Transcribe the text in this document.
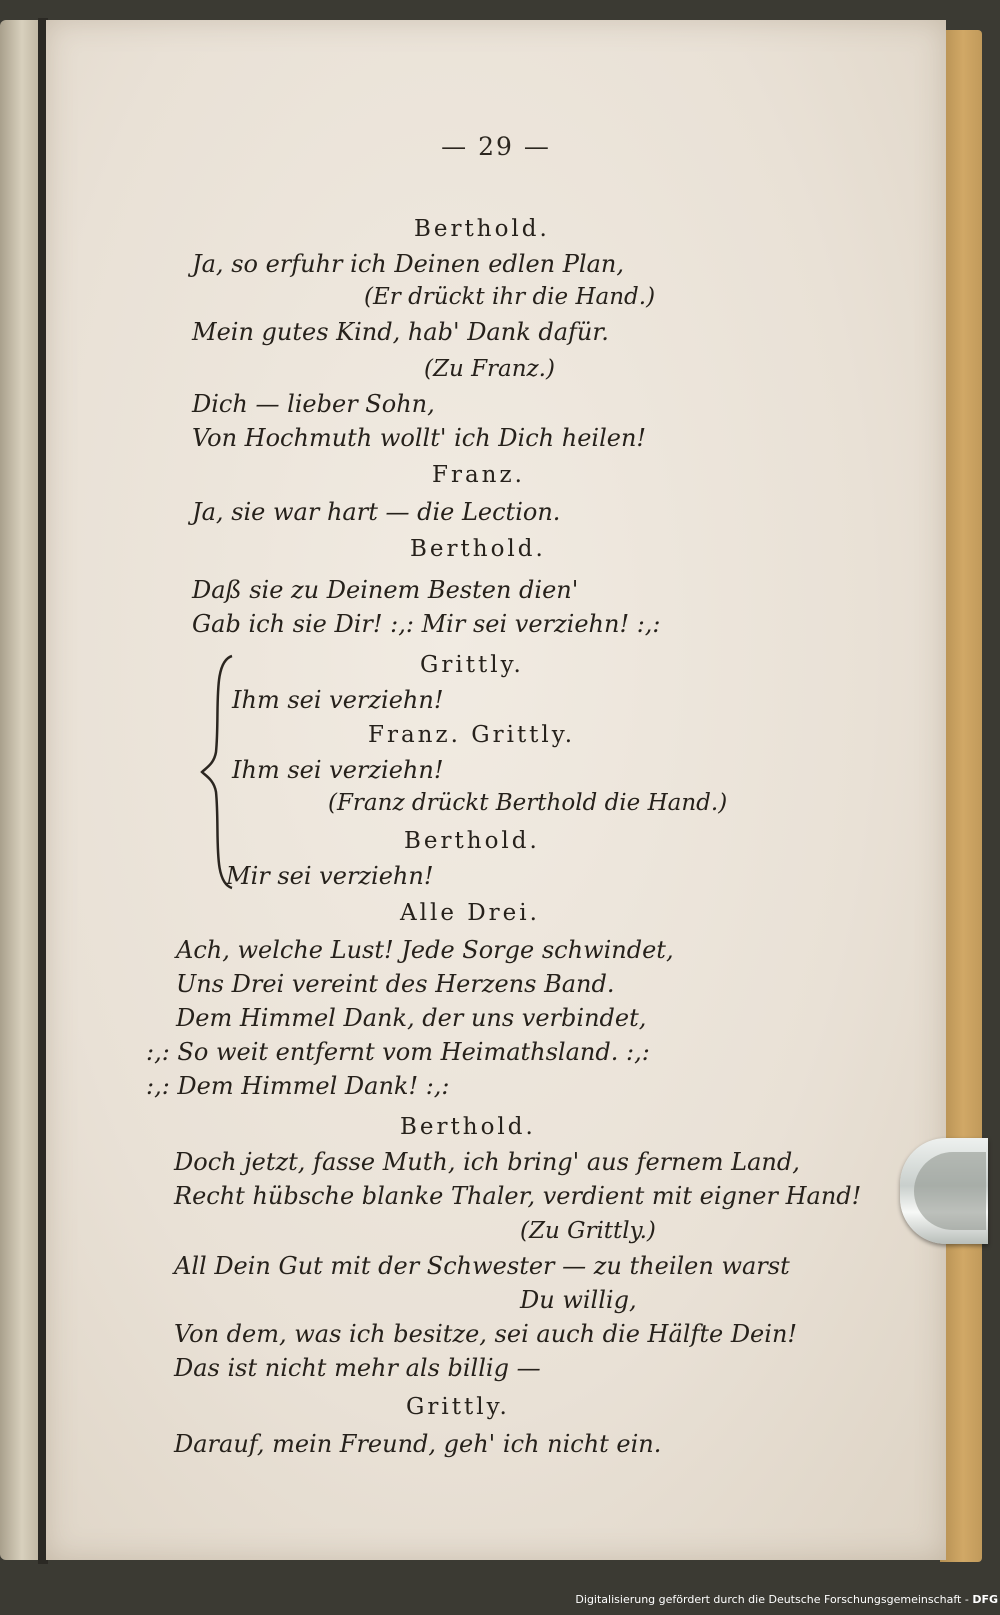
— 29 —
Berthold.
Ja, so erfuhr ich Deinen edlen Plan,
(Er drückt ihr die Hand.)
Mein gutes Kind, hab' Dank dafür.
(Zu Franz.)
Dich — lieber Sohn,
Von Hochmuth wollt' ich Dich heilen!
Franz.
Ja, sie war hart — die Lection.
Berthold.
Daß sie zu Deinem Besten dien'
Gab ich sie Dir! :,: Mir sei verziehn! :,:
Grittly.
Ihm sei verziehn!
Franz. Grittly.
Ihm sei verziehn!
(Franz drückt Berthold die Hand.)
Berthold.
Mir sei verziehn!
Alle Drei.
Ach, welche Lust! Jede Sorge schwindet,
Uns Drei vereint des Herzens Band.
Dem Himmel Dank, der uns verbindet,
:,: So weit entfernt vom Heimathsland. :,:
:,: Dem Himmel Dank! :,:
Berthold.
Doch jetzt, fasse Muth, ich bring' aus fernem Land,
Recht hübsche blanke Thaler, verdient mit eigner Hand!
(Zu Grittly.)
All Dein Gut mit der Schwester — zu theilen warst
Du willig,
Von dem, was ich besitze, sei auch die Hälfte Dein!
Das ist nicht mehr als billig —
Grittly.
Darauf, mein Freund, geh' ich nicht ein.
Digitalisierung gefördert durch die Deutsche Forschungsgemeinschaft - DFG
